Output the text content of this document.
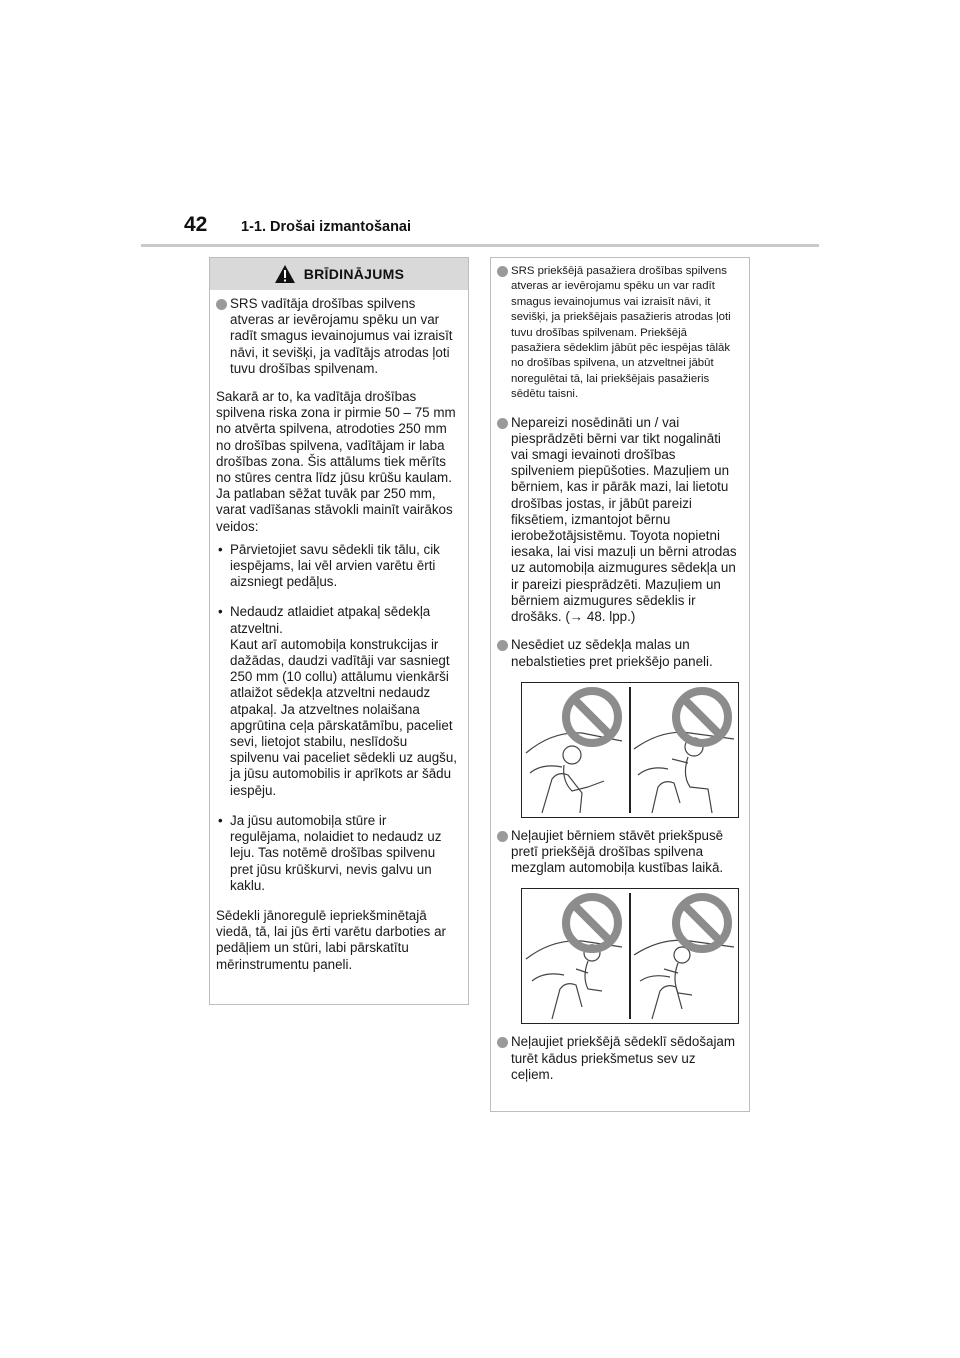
42 1-1. Drošai izmantošanai
BRĪDINĀJUMS
SRS vadītāja drošības spilvens atveras ar ievērojamu spēku un var radīt smagus ievainojumus vai izraisīt nāvi, it sevišķi, ja vadītājs atrodas ļoti tuvu drošības spilvenam.

Sakarā ar to, ka vadītāja drošības spilvena riska zona ir pirmie 50 – 75 mm no atvērta spilvena, atrodoties 250 mm no drošības spilvena, vadītājam ir laba drošības zona. Šis attālums tiek mērīts no stūres centra līdz jūsu krūšu kaulam. Ja patlaban sēžat tuvāk par 250 mm, varat vadīšanas stāvokli mainīt vairākos veidos:

• Pārvietojiet savu sēdekli tik tālu, cik iespējams, lai vēl arvien varētu ērti aizsniegt pedāļus.
• Nedaudz atlaidiet atpakaļ sēdekļa atzveltni.
Kaut arī automobiļa konstrukcijas ir dažādas, daudzi vadītāji var sasniegt 250 mm (10 collu) attālumu vienkārši atlaižot sēdekļa atzveltni nedaudz atpakaļ. Ja atzveltnes nolaišana apgrūtina ceļa pārskatāmību, paceliet sevi, lietojot stabilu, neslīdošu spilvenu vai paceliet sēdekli uz augšu, ja jūsu automobilis ir aprīkots ar šādu iespēju.
• Ja jūsu automobiļa stūre ir regulējama, nolaidiet to nedaudz uz leju. Tas notēmē drošības spilvenu pret jūsu krūškurvi, nevis galvu un kaklu.

Sēdekli jānoregulē iepriekšminētajā viedā, tā, lai jūs ērti varētu darboties ar pedāļiem un stūri, labi pārskatītu mērinstrumentu paneli.

SRS priekšējā pasažiera drošības spilvens atveras ar ievērojamu spēku un var radīt smagus ievainojumus vai izraisīt nāvi, it sevišķi, ja priekšējais pasažieris atrodas ļoti tuvu drošības spilvenam. Priekšējā pasažiera sēdeklim jābūt pēc iespējas tālāk no drošības spilvena, un atzveltnei jābūt noregulētai tā, lai priekšējais pasažieris sēdētu taisni.
Nepareizi nosēdināti un / vai piesprādzēti bērni var tikt nogalināti vai smagi ievainoti drošības spilveniem piepūšoties. Mazuļiem un bērniem, kas ir pārāk mazi, lai lietotu drošības jostas, ir jābūt pareizi fiksētiem, izmantojot bērnu ierobežotājsistēmu. Toyota nopietni iesaka, lai visi mazuļi un bērni atrodas uz automobiļa aizmugures sēdekļa un ir pareizi piesprādzēti. Mazuļiem un bērniem aizmugures sēdeklis ir drošāks. (→ 48. lpp.)
Nesēdiet uz sēdekļa malas un nebalstieties pret priekšējo paneli.
Neļaujiet bērniem stāvēt priekšpusē pretī priekšējā drošības spilvena mezglam automobiļa kustības laikā.
Neļaujiet priekšējā sēdeklī sēdošajam turēt kādus priekšmetus sev uz ceļiem.
